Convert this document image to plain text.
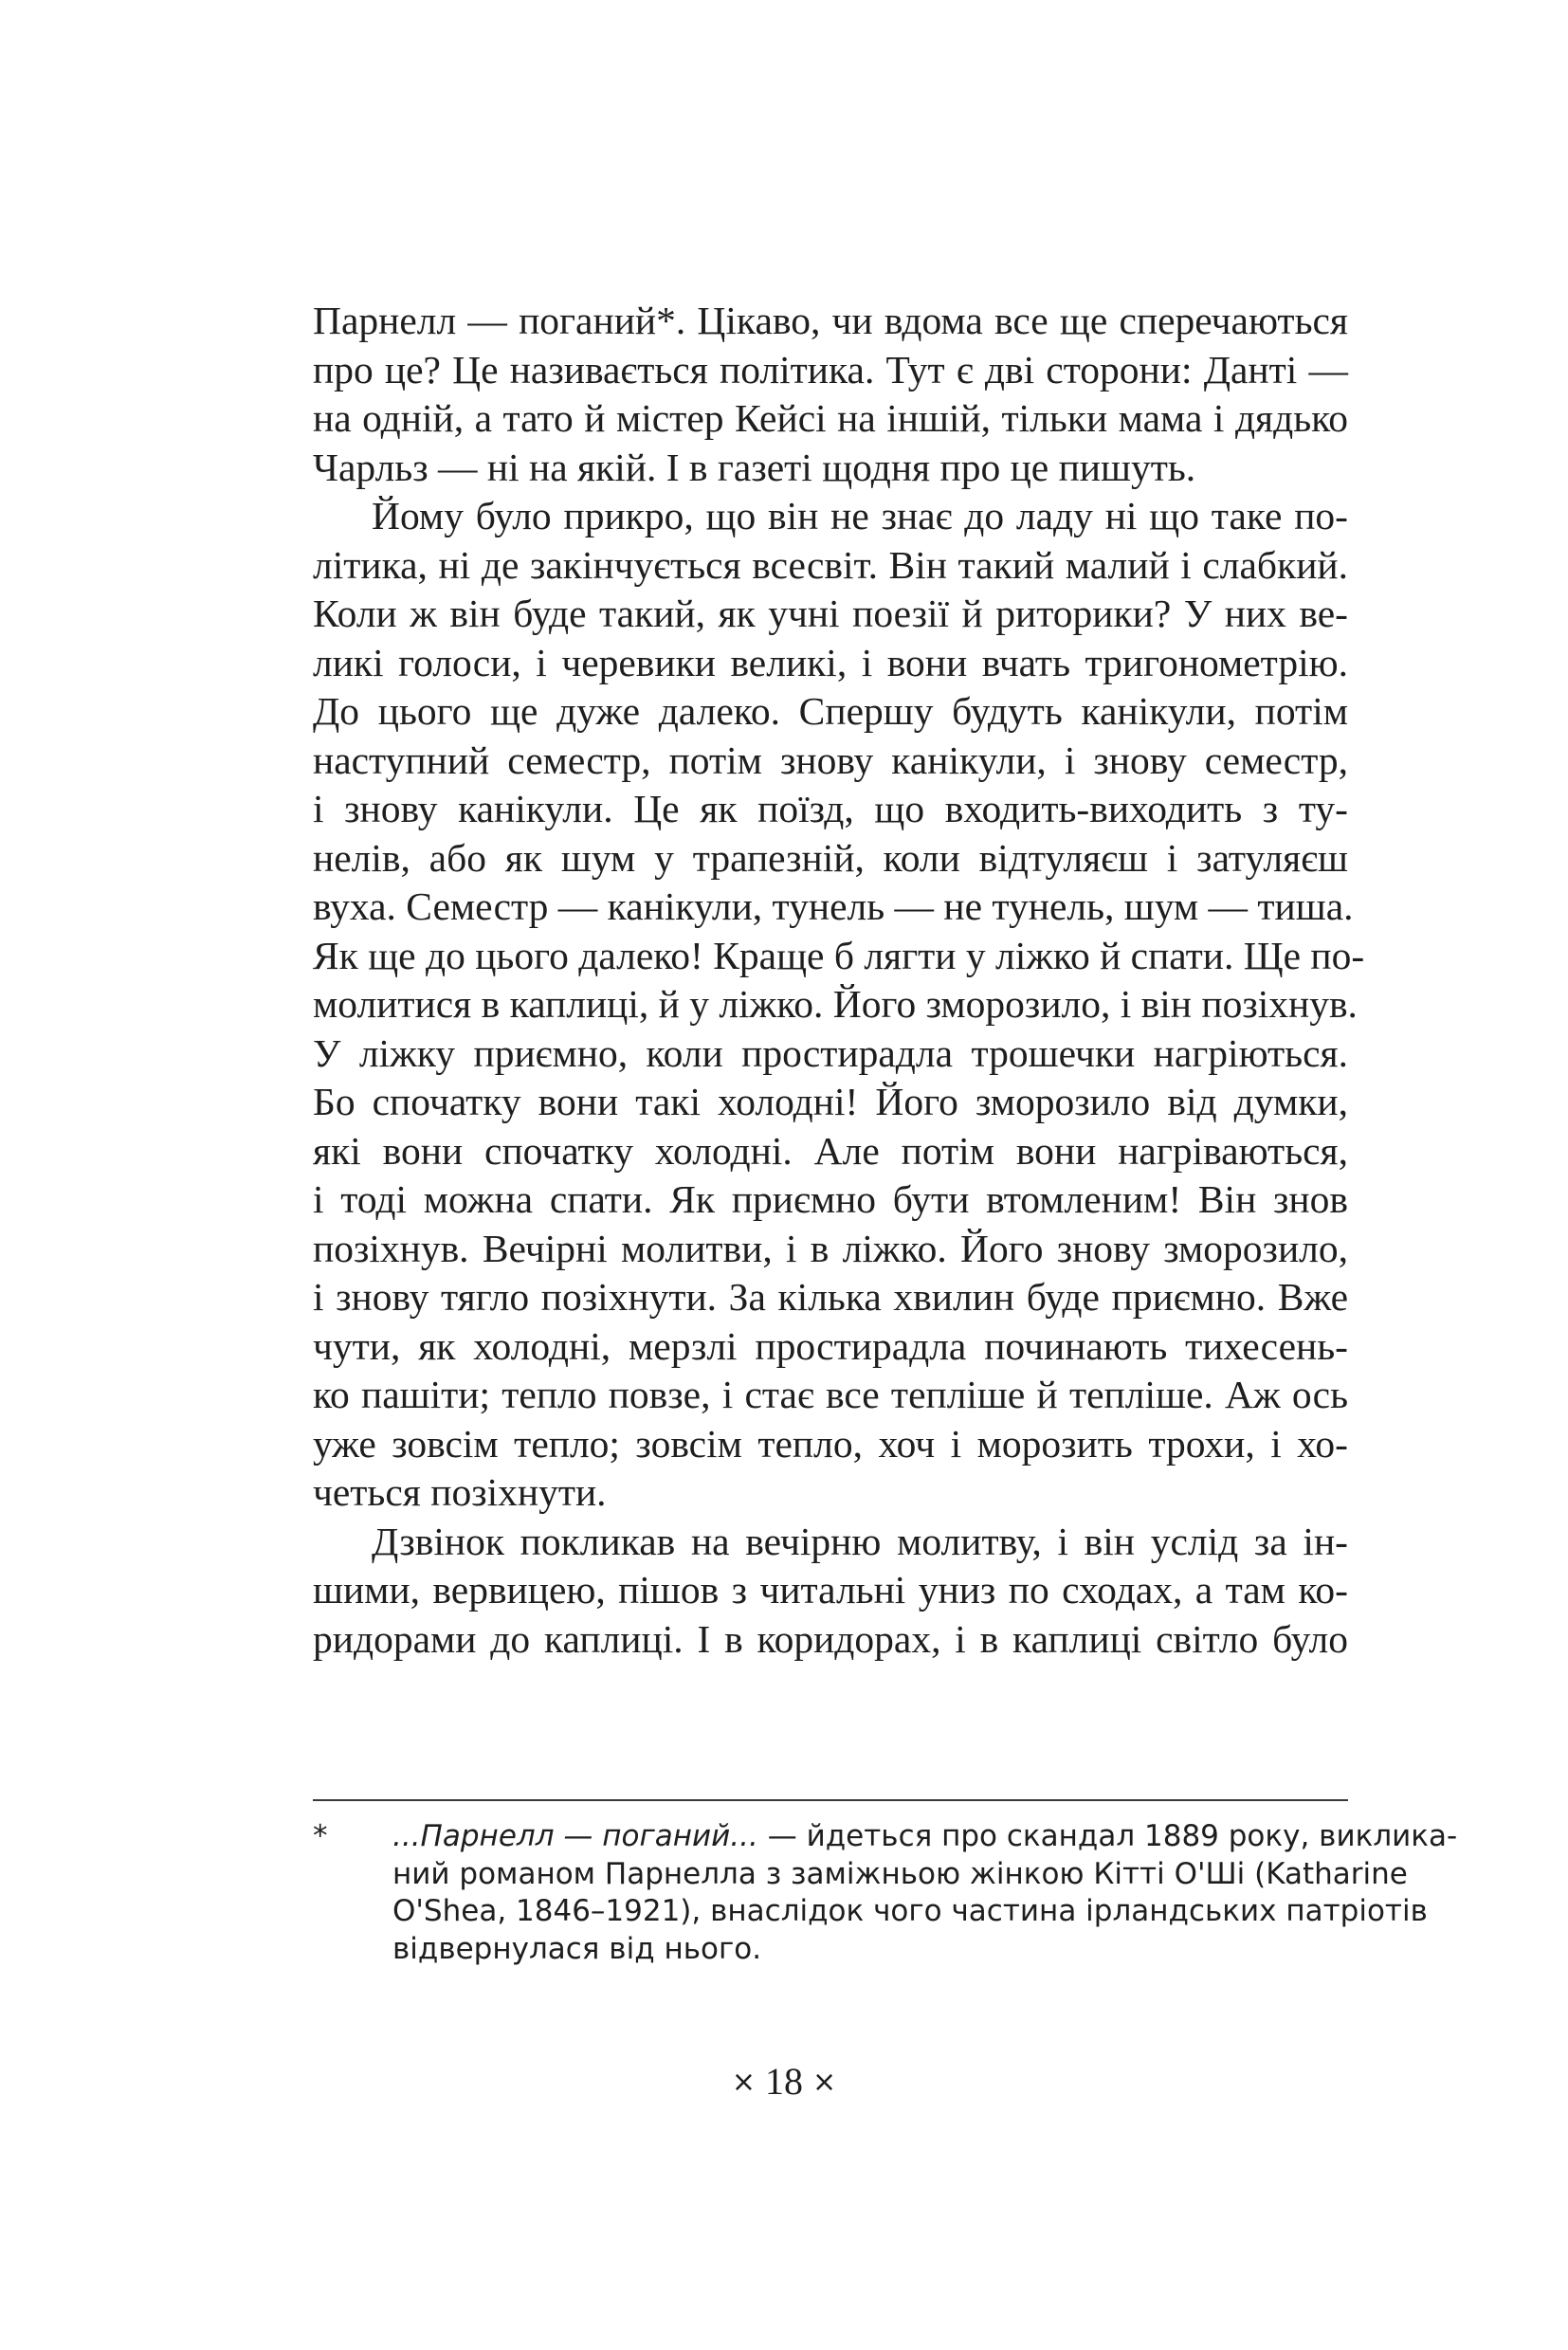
Парнелл — поганий*. Цікаво, чи вдома все ще сперечаються
про це? Це називається політика. Тут є дві сторони: Данті —
на одній, а тато й містер Кейсі на іншій, тільки мама і дядько
Чарльз — ні на якій. І в газеті щодня про це пишуть.

Йому було прикро, що він не знає до ладу ні що таке по-
літика, ні де закінчується всесвіт. Він такий малий і слабкий.
Коли ж він буде такий, як учні поезії й риторики? У них ве-
ликі голоси, і черевики великі, і вони вчать тригонометрію.
До цього ще дуже далеко. Спершу будуть канікули, потім
наступний семестр, потім знову канікули, і знову семестр,
і знову канікули. Це як поїзд, що входить-виходить з ту-
нелів, або як шум у трапезній, коли відтуляєш і затуляєш
вуха. Семестр — канікули, тунель — не тунель, шум — тиша.
Як ще до цього далеко! Краще б лягти у ліжко й спати. Ще по-
молитися в каплиці, й у ліжко. Його зморозило, і він позіхнув.
У ліжку приємно, коли простирадла трошечки нагріються.
Бо спочатку вони такі холодні! Його зморозило від думки,
які вони спочатку холодні. Але потім вони нагріваються,
і тоді можна спати. Як приємно бути втомленим! Він знов
позіхнув. Вечірні молитви, і в ліжко. Його знову зморозило,
і знову тягло позіхнути. За кілька хвилин буде приємно. Вже
чути, як холодні, мерзлі простирадла починають тихесень-
ко пашіти; тепло повзе, і стає все тепліше й тепліше. Аж ось
уже зовсім тепло; зовсім тепло, хоч і морозить трохи, і хо-
четься позіхнути.

Дзвінок покликав на вечірню молитву, і він услід за ін-
шими, вервицею, пішов з читальні униз по сходах, а там ко-
ридорами до каплиці. І в коридорах, і в каплиці світло було

* ...Парнелл — поганий... — йдеться про скандал 1889 року, виклика-
ний романом Парнелла з заміжньою жінкою Кітті О'Ші (Katharine
O'Shea, 1846–1921), внаслідок чого частина ірландських патріотів
відвернулася від нього.
× 18 ×
